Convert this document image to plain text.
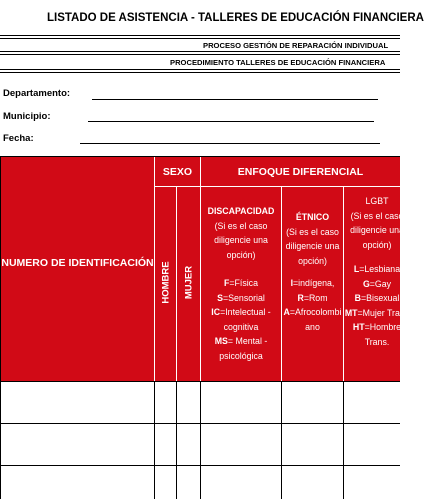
LISTADO DE ASISTENCIA - TALLERES DE EDUCACIÓN FINANCIERA
PROCESO GESTIÓN DE REPARACIÓN INDIVIDUAL
PROCEDIMIENTO TALLERES DE EDUCACIÓN FINANCIERA
Departamento:
Municipio:
Fecha:
NUMERO DE IDENTIFICACIÓN
SEXO	ENFOQUE DIFERENCIAL
HOMBRE MUJER
DISCAPACIDAD

(Si es el caso diligencie una opción)
F=Física
S=Sensorial
IC=Intelectual - cognitiva
MS= Mental - psicológica
ÉTNICO

(Si es el caso diligencie una opción)
I=indígena,
R=Rom
A=Afrocolombiano
LGBT

(Si es el caso diligencie una opción)
L=Lesbiana
G=Gay
B=Bisexual
MT=Mujer Trans
HT=Hombre Trans.
